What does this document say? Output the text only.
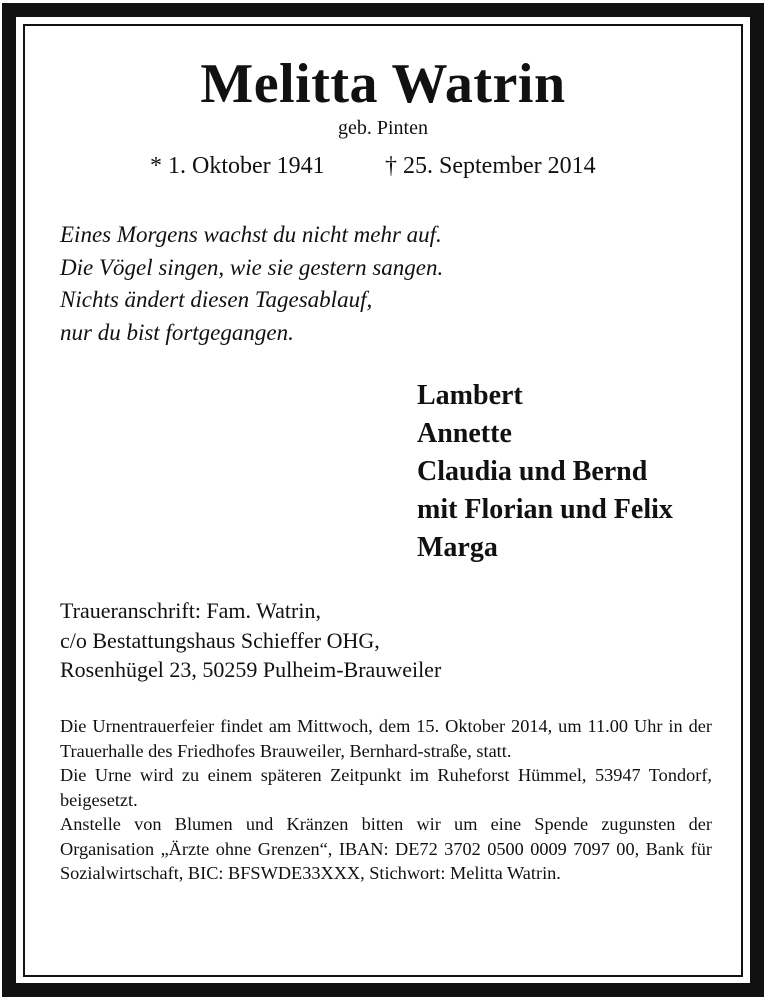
Melitta Watrin
geb. Pinten
* 1. Oktober 1941	† 25. September 2014
Eines Morgens wachst du nicht mehr auf.
Die Vögel singen, wie sie gestern sangen.
Nichts ändert diesen Tagesablauf,
nur du bist fortgegangen.
Lambert
Annette
Claudia und Bernd
mit Florian und Felix
Marga
Traueranschrift: Fam. Watrin,
c/o Bestattungshaus Schieffer OHG,
Rosenhügel 23, 50259 Pulheim-Brauweiler

Die Urnentrauerfeier findet am Mittwoch, dem 15. Oktober 2014, um 11.00 Uhr in der Trauerhalle des Friedhofes Brauweiler, Bernhard-straße, statt.

Die Urne wird zu einem späteren Zeitpunkt im Ruheforst Hümmel, 53947 Tondorf, beigesetzt.

Anstelle von Blumen und Kränzen bitten wir um eine Spende zugunsten der Organisation „Ärzte ohne Grenzen“, IBAN: DE72 3702 0500 0009 7097 00, Bank für Sozialwirtschaft, BIC: BFSWDE33XXX, Stichwort: Melitta Watrin.
